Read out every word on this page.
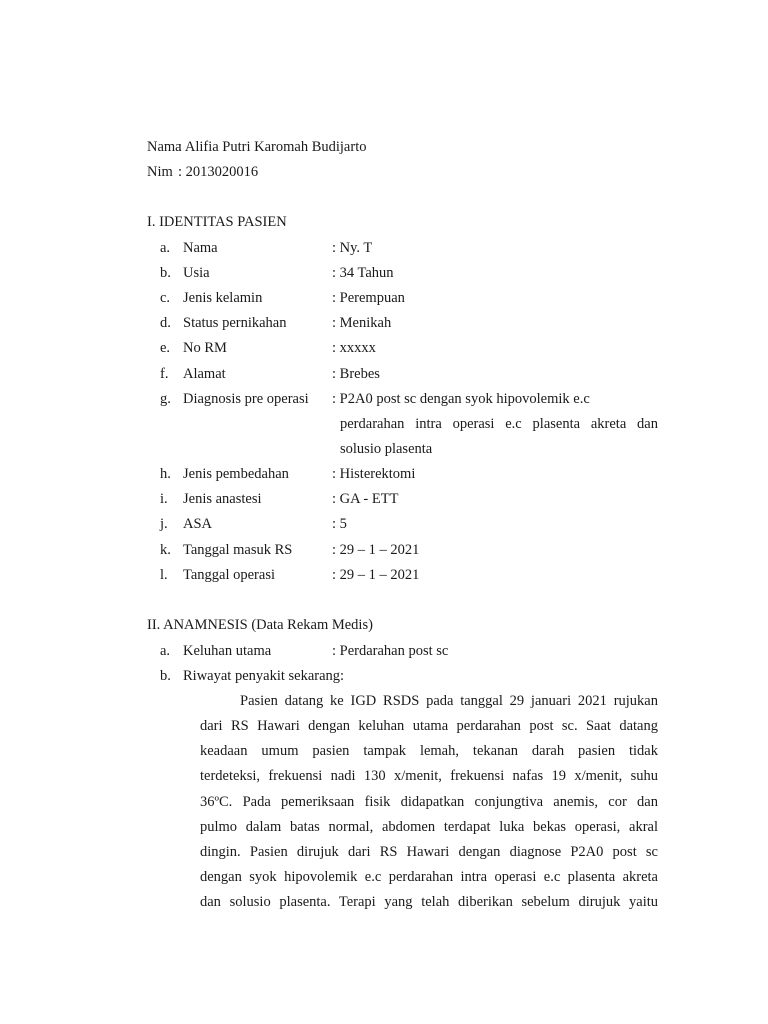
Nama
: Alifia Putri Karomah Budijarto
Nim : 2013020016
I. IDENTITAS PASIEN
a. Nama	: Ny. T
b. Usia	: 34 Tahun
c. Jenis kelamin	: Perempuan
d. Status pernikahan	: Menikah
e. No RM	: xxxxx
f. Alamat	: Brebes
g. Diagnosis pre operasi : P2A0 post sc dengan syok hipovolemik e.c
perdarahan intra operasi e.c plasenta akreta dan
solusio plasenta
h. Jenis pembedahan	: Histerektomi
i. Jenis anastesi	: GA - ETT
j. ASA	: 5
k. Tanggal masuk RS	: 29 – 1 – 2021
l. Tanggal operasi	: 29 – 1 – 2021
II. ANAMNESIS (Data Rekam Medis)
a. Keluhan utama	: Perdarahan post sc
b. Riwayat penyakit sekarang:
Pasien datang ke IGD RSDS pada tanggal 29 januari 2021 rujukan
dari RS Hawari dengan keluhan utama perdarahan post sc. Saat datang
keadaan umum pasien tampak lemah, tekanan darah pasien tidak
terdeteksi, frekuensi nadi 130 x/menit, frekuensi nafas 19 x/menit, suhu
36ºC. Pada pemeriksaan fisik didapatkan conjungtiva anemis, cor dan
pulmo dalam batas normal, abdomen terdapat luka bekas operasi, akral
dingin. Pasien dirujuk dari RS Hawari dengan diagnose P2A0 post sc
dengan syok hipovolemik e.c perdarahan intra operasi e.c plasenta akreta
dan solusio plasenta. Terapi yang telah diberikan sebelum dirujuk yaitu
